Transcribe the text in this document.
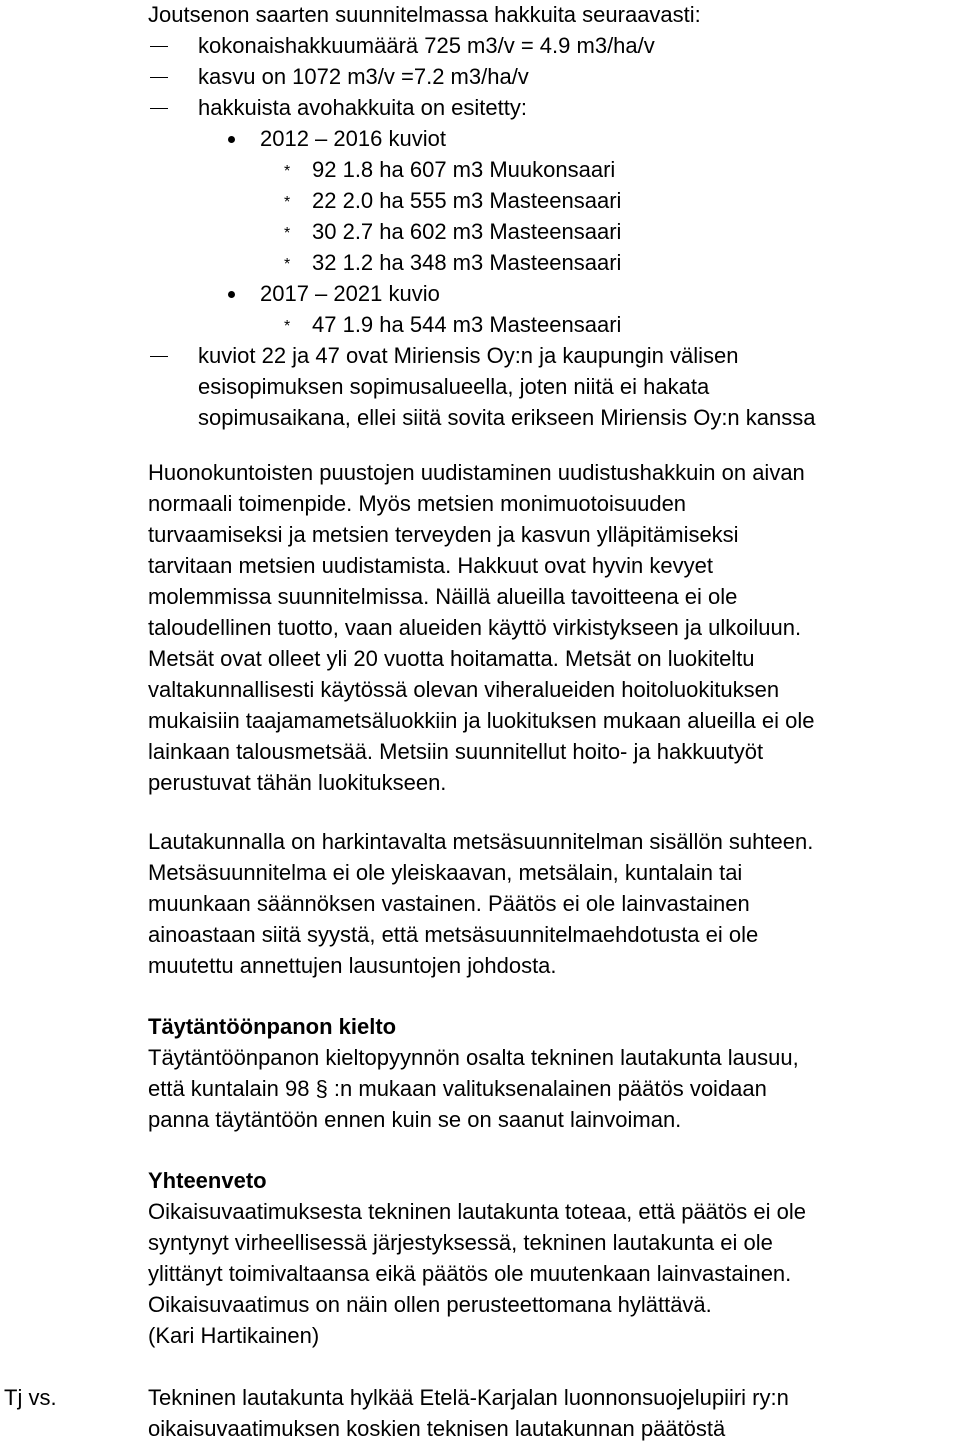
Joutsenon saarten suunnitelmassa hakkuita seuraavasti:
kokonaishakkuumäärä 725 m3/v = 4.9 m3/ha/v
kasvu on 1072 m3/v =7.2 m3/ha/v
hakkuista avohakkuita on esitetty:
2012 – 2016 kuviot
* 92 1.8 ha 607 m3 Muukonsaari
* 22 2.0 ha 555 m3 Masteensaari
* 30 2.7 ha 602 m3 Masteensaari
* 32 1.2 ha 348 m3 Masteensaari
2017 – 2021 kuvio
* 47 1.9 ha 544 m3 Masteensaari
kuviot 22 ja 47 ovat Miriensis Oy:n ja kaupungin välisen
esisopimuksen sopimusalueella, joten niitä ei hakata
sopimusaikana, ellei siitä sovita erikseen Miriensis Oy:n kanssa
Huonokuntoisten puustojen uudistaminen uudistushakkuin on aivan
normaali toimenpide. Myös metsien monimuotoisuuden
turvaamiseksi ja metsien terveyden ja kasvun ylläpitämiseksi
tarvitaan metsien uudistamista. Hakkuut ovat hyvin kevyet
molemmissa suunnitelmissa. Näillä alueilla tavoitteena ei ole
taloudellinen tuotto, vaan alueiden käyttö virkistykseen ja ulkoiluun.
Metsät ovat olleet yli 20 vuotta hoitamatta. Metsät on luokiteltu
valtakunnallisesti käytössä olevan viheralueiden hoitoluokituksen
mukaisiin taajamametsäluokkiin ja luokituksen mukaan alueilla ei ole
lainkaan talousmetsää. Metsiin suunnitellut hoito- ja hakkuutyöt
perustuvat tähän luokitukseen.
Lautakunnalla on harkintavalta metsäsuunnitelman sisällön suhteen.
Metsäsuunnitelma ei ole yleiskaavan, metsälain, kuntalain tai
muunkaan säännöksen vastainen. Päätös ei ole lainvastainen
ainoastaan siitä syystä, että metsäsuunnitelmaehdotusta ei ole
muutettu annettujen lausuntojen johdosta.
Täytäntöönpanon kielto
Täytäntöönpanon kieltopyynnön osalta tekninen lautakunta lausuu,
että kuntalain 98 § :n mukaan valituksenalainen päätös voidaan
panna täytäntöön ennen kuin se on saanut lainvoiman.
Yhteenveto
Oikaisuvaatimuksesta tekninen lautakunta toteaa, että päätös ei ole
syntynyt virheellisessä järjestyksessä, tekninen lautakunta ei ole
ylittänyt toimivaltaansa eikä päätös ole muutenkaan lainvastainen.
Oikaisuvaatimus on näin ollen perusteettomana hylättävä.
(Kari Hartikainen)
Tj vs.	Tekninen lautakunta hylkää Etelä-Karjalan luonnonsuojelupiiri ry:n
oikaisuvaatimuksen koskien teknisen lautakunnan päätöstä
